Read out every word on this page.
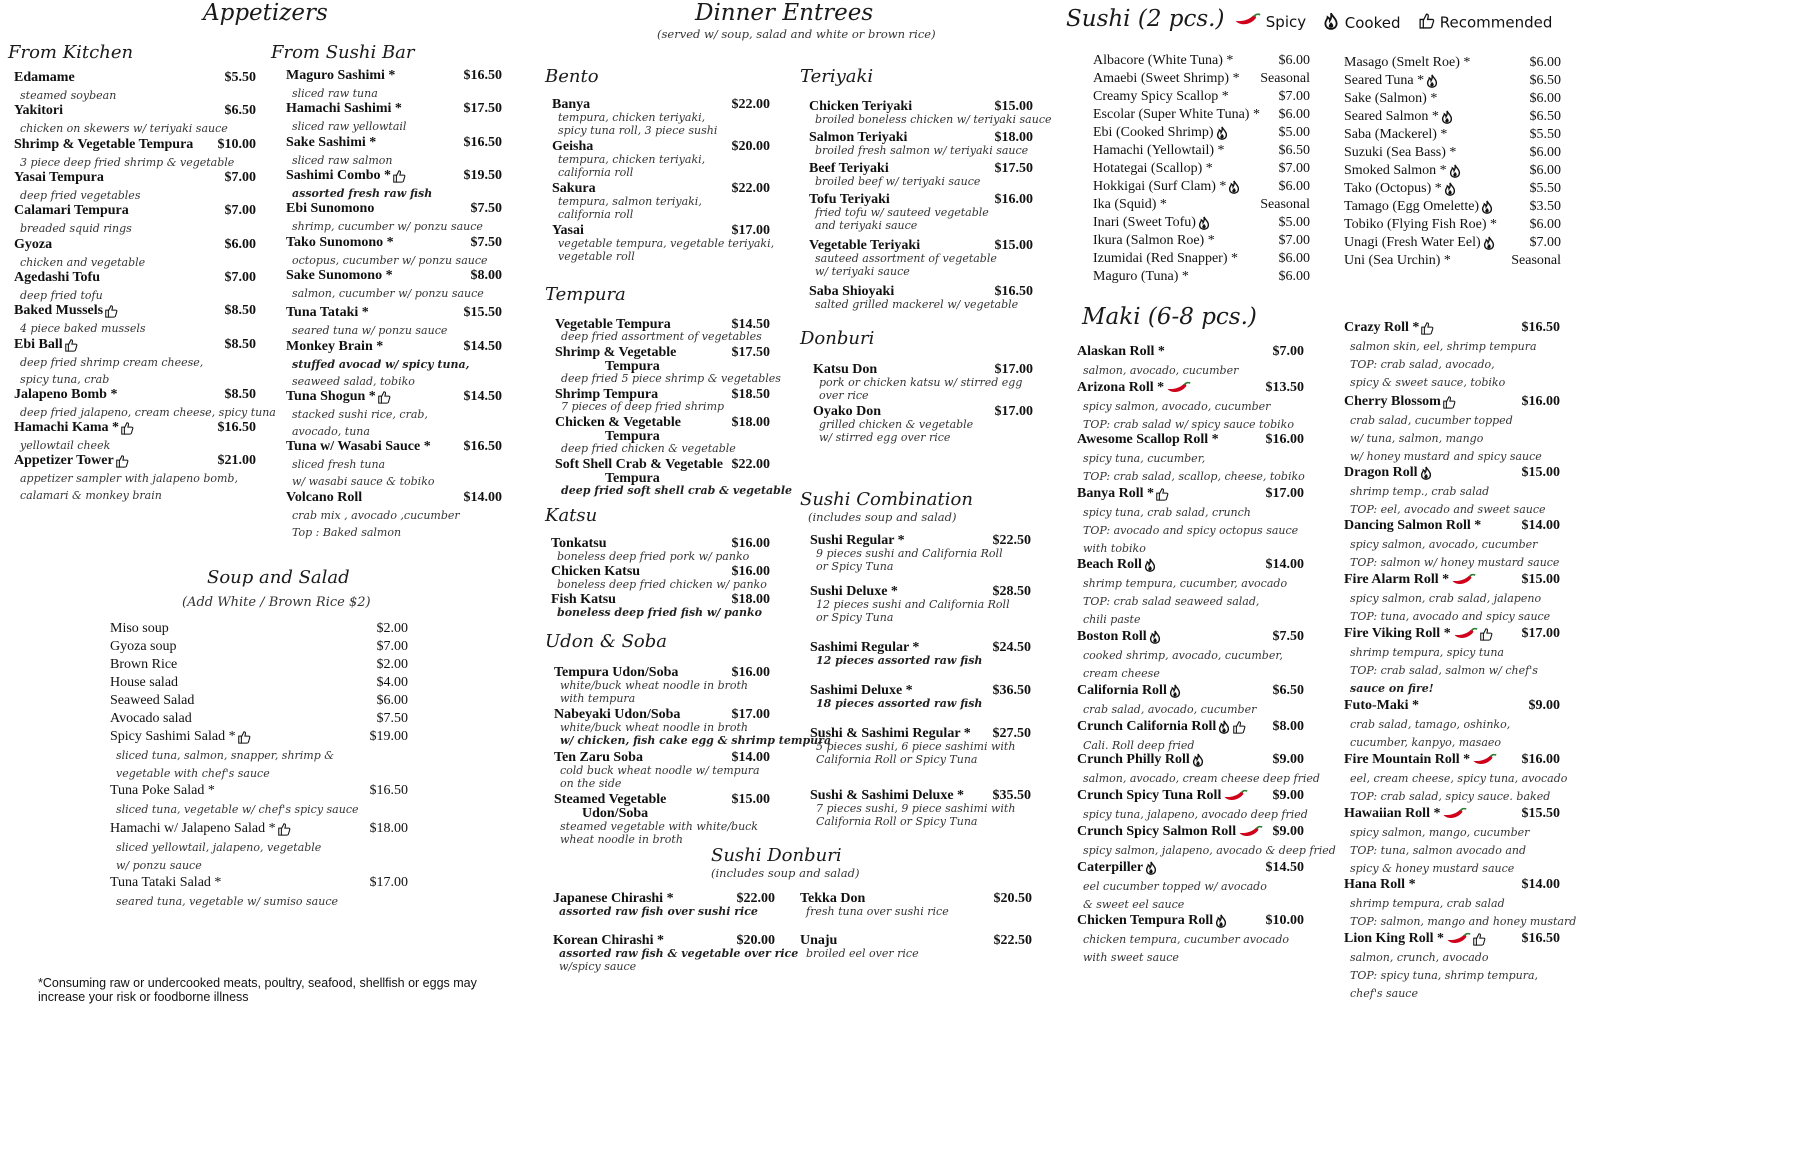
Appetizers
From Kitchen	From Sushi Bar
Edamame	$5.50
steamed soybean
Yakitori	$6.50
chicken on skewers w/ teriyaki sauce
Shrimp & Vegetable Tempura $10.00
3 piece deep fried shrimp & vegetable
Yasai Tempura	$7.00
deep fried vegetables
Calamari Tempura	$7.00
breaded squid rings
Gyoza	$6.00
chicken and vegetable
Agedashi Tofu	$7.00
deep fried tofu
Baked Mussels	$8.50
4 piece baked mussels
Ebi Ball	$8.50
deep fried shrimp cream cheese,
spicy tuna, crab
Jalapeno Bomb *	$8.50
deep fried jalapeno, cream cheese, spicy tuna
Hamachi Kama *	$16.50
yellowtail cheek
Appetizer Tower	$21.00
appetizer sampler with jalapeno bomb,
calamari & monkey brain
Maguro Sashimi *	$16.50
sliced raw tuna
Hamachi Sashimi *	$17.50
sliced raw yellowtail
Sake Sashimi *	$16.50
sliced raw salmon
Sashimi Combo *	$19.50
assorted fresh raw fish
Ebi Sunomono	$7.50
shrimp, cucumber w/ ponzu sauce
Tako Sunomono *	$7.50
octopus, cucumber w/ ponzu sauce
Sake Sunomono *	$8.00
salmon, cucumber w/ ponzu sauce
Tuna Tataki *	$15.50
seared tuna w/ ponzu sauce
Monkey Brain *	$14.50
stuffed avocad w/ spicy tuna,
seaweed salad, tobiko
Tuna Shogun *	$14.50
stacked sushi rice, crab,
avocado, tuna
Tuna w/ Wasabi Sauce * $16.50
sliced fresh tuna
w/ wasabi sauce & tobiko
Volcano Roll	$14.00
crab mix , avocado ,cucumber
Top : Baked salmon
Soup and Salad
(Add White / Brown Rice $2)
Miso soup	$2.00
Gyoza soup	$7.00
Brown Rice	$2.00
House salad	$4.00
Seaweed Salad	$6.00
Avocado salad	$7.50
Spicy Sashimi Salad *	$19.00
sliced tuna, salmon, snapper, shrimp &
vegetable with chef's sauce
Tuna Poke Salad *	$16.50
sliced tuna, vegetable w/ chef's spicy sauce
Hamachi w/ Jalapeno Salad *	$18.00
sliced yellowtail, jalapeno, vegetable
w/ ponzu sauce
Tuna Tataki Salad *	$17.00
seared tuna, vegetable w/ sumiso sauce
*Consuming raw or undercooked meats, poultry, seafood, shellfish or eggs may increase your risk or foodborne illness
Dinner Entrees
(served w/ soup, salad and white or brown rice)
Bento
Tempura
Katsu
Udon & Soba
Teriyaki
Donburi
Sushi Combination
(includes soup and salad)
Sushi Donburi
(includes soup and salad)
Banya	$22.00
tempura, chicken teriyaki,
spicy tuna roll, 3 piece sushi
Geisha	$20.00
tempura, chicken teriyaki,
california roll
Sakura	$22.00
tempura, salmon teriyaki,
california roll
Yasai	$17.00
vegetable tempura, vegetable teriyaki,
vegetable roll
Vegetable Tempura	$14.50
deep fried assortment of vegetables
Shrimp & Vegetable	$17.50
Tempura
deep fried 5 piece shrimp & vegetables
Shrimp Tempura	$18.50
7 pieces of deep fried shrimp
Chicken & Vegetable	$18.00
Tempura
deep fried chicken & vegetable
Soft Shell Crab & Vegetable $22.00
Tempura
deep fried soft shell crab & vegetable
Tonkatsu	$16.00
boneless deep fried pork w/ panko
Chicken Katsu	$16.00
boneless deep fried chicken w/ panko
Fish Katsu	$18.00
boneless deep fried fish w/ panko
Tempura Udon/Soba	$16.00
white/buck wheat noodle in broth
with tempura
Nabeyaki Udon/Soba	$17.00
white/buck wheat noodle in broth
w/ chicken, fish cake egg & shrimp tempura
Ten Zaru Soba	$14.00
cold buck wheat noodle w/ tempura
on the side
Steamed Vegetable	$15.00
Udon/Soba
steamed vegetable with white/buck
wheat noodle in broth
Chicken Teriyaki	$15.00
broiled boneless chicken w/ teriyaki sauce
Salmon Teriyaki	$18.00
broiled fresh salmon w/ teriyaki sauce
Beef Teriyaki	$17.50
broiled beef w/ teriyaki sauce
Tofu Teriyaki	$16.00
fried tofu w/ sauteed vegetable
and teriyaki sauce
Vegetable Teriyaki	$15.00
sauteed assortment of vegetable
w/ teriyaki sauce
Saba Shioyaki	$16.50
salted grilled mackerel w/ vegetable
Katsu Don	$17.00
pork or chicken katsu w/ stirred egg
over rice
Oyako Don	$17.00
grilled chicken & vegetable
w/ stirred egg over rice
Sushi Regular *	$22.50
9 pieces sushi and California Roll
or Spicy Tuna
Sushi Deluxe *	$28.50
12 pieces sushi and California Roll
or Spicy Tuna
Sashimi Regular *	$24.50
12 pieces assorted raw fish
Sashimi Deluxe *	$36.50
18 pieces assorted raw fish
Sushi & Sashimi Regular * $27.50
5 pieces sushi, 6 piece sashimi with
California Roll or Spicy Tuna
Sushi & Sashimi Deluxe * $35.50
7 pieces sushi, 9 piece sashimi with
California Roll or Spicy Tuna
Japanese Chirashi *	$22.00
assorted raw fish over sushi rice
Korean Chirashi *	$20.00
assorted raw fish & vegetable over rice
w/spicy sauce
Tekka Don	$20.50
fresh tuna over sushi rice
Unaju	$22.50
broiled eel over rice
Sushi (2 pcs.)	Spicy	Cooked	Recommended
Albacore (White Tuna) *	$6.00
Amaebi (Sweet Shrimp) * Seasonal
Creamy Spicy Scallop *	$7.00
Escolar (Super White Tuna) * $6.00
Ebi (Cooked Shrimp)	$5.00
Hamachi (Yellowtail) *	$6.50
Hotategai (Scallop) *	$7.00
Hokkigai (Surf Clam) *	$6.00
Ika (Squid) *	Seasonal
Inari (Sweet Tofu)	$5.00
Ikura (Salmon Roe) *	$7.00
Izumidai (Red Snapper) *	$6.00
Maguro (Tuna) *	$6.00
Masago (Smelt Roe) *	$6.00
Seared Tuna *	$6.50
Sake (Salmon) *	$6.00
Seared Salmon *	$6.50
Saba (Mackerel) *	$5.50
Suzuki (Sea Bass) *	$6.00
Smoked Salmon *	$6.00
Tako (Octopus) *	$5.50
Tamago (Egg Omelette)	$3.50
Tobiko (Flying Fish Roe) * $6.00
Unagi (Fresh Water Eel)	$7.00
Uni (Sea Urchin) *	Seasonal
Maki (6-8 pcs.)
Alaskan Roll *	$7.00
salmon, avocado, cucumber
Arizona Roll *	$13.50
spicy salmon, avocado, cucumber
TOP: crab salad w/ spicy sauce tobiko
Awesome Scallop Roll *	$16.00
spicy tuna, cucumber,
TOP: crab salad, scallop, cheese, tobiko
Banya Roll *	$17.00
spicy tuna, crab salad, crunch
TOP: avocado and spicy octopus sauce
with tobiko
Beach Roll	$14.00
shrimp tempura, cucumber, avocado
TOP: crab salad seaweed salad,
chili paste
Boston Roll	$7.50
cooked shrimp, avocado, cucumber,
cream cheese
California Roll	$6.50
crab salad, avocado, cucumber
Crunch California Roll	$8.00
Cali. Roll deep fried
Crunch Philly Roll	$9.00
salmon, avocado, cream cheese deep fried
Crunch Spicy Tuna Roll	$9.00
spicy tuna, jalapeno, avocado deep fried
Crunch Spicy Salmon Roll	$9.00
spicy salmon, jalapeno, avocado & deep fried
Caterpiller	$14.50
eel cucumber topped w/ avocado
& sweet eel sauce
Chicken Tempura Roll	$10.00
chicken tempura, cucumber avocado
with sweet sauce
Crazy Roll *	$16.50
salmon skin, eel, shrimp tempura
TOP: crab salad, avocado,
spicy & sweet sauce, tobiko
Cherry Blossom	$16.00
crab salad, cucumber topped
w/ tuna, salmon, mango
w/ honey mustard and spicy sauce
Dragon Roll	$15.00
shrimp temp., crab salad
TOP: eel, avocado and sweet sauce
Dancing Salmon Roll *	$14.00
spicy salmon, avocado, cucumber
TOP: salmon w/ honey mustard sauce
Fire Alarm Roll *	$15.00
spicy salmon, crab salad, jalapeno
TOP: tuna, avocado and spicy sauce
Fire Viking Roll *	$17.00
shrimp tempura, spicy tuna
TOP: crab salad, salmon w/ chef's
sauce on fire!
Futo-Maki *	$9.00
crab salad, tamago, oshinko,
cucumber, kanpyo, masaeo
Fire Mountain Roll *	$16.00
eel, cream cheese, spicy tuna, avocado
TOP: crab salad, spicy sauce. baked
Hawaiian Roll *	$15.50
spicy salmon, mango, cucumber
TOP: tuna, salmon avocado and
spicy & honey mustard sauce
Hana Roll *	$14.00
shrimp tempura, crab salad
TOP: salmon, mango and honey mustard
Lion King Roll *	$16.50
salmon, crunch, avocado
TOP: spicy tuna, shrimp tempura,
chef's sauce
